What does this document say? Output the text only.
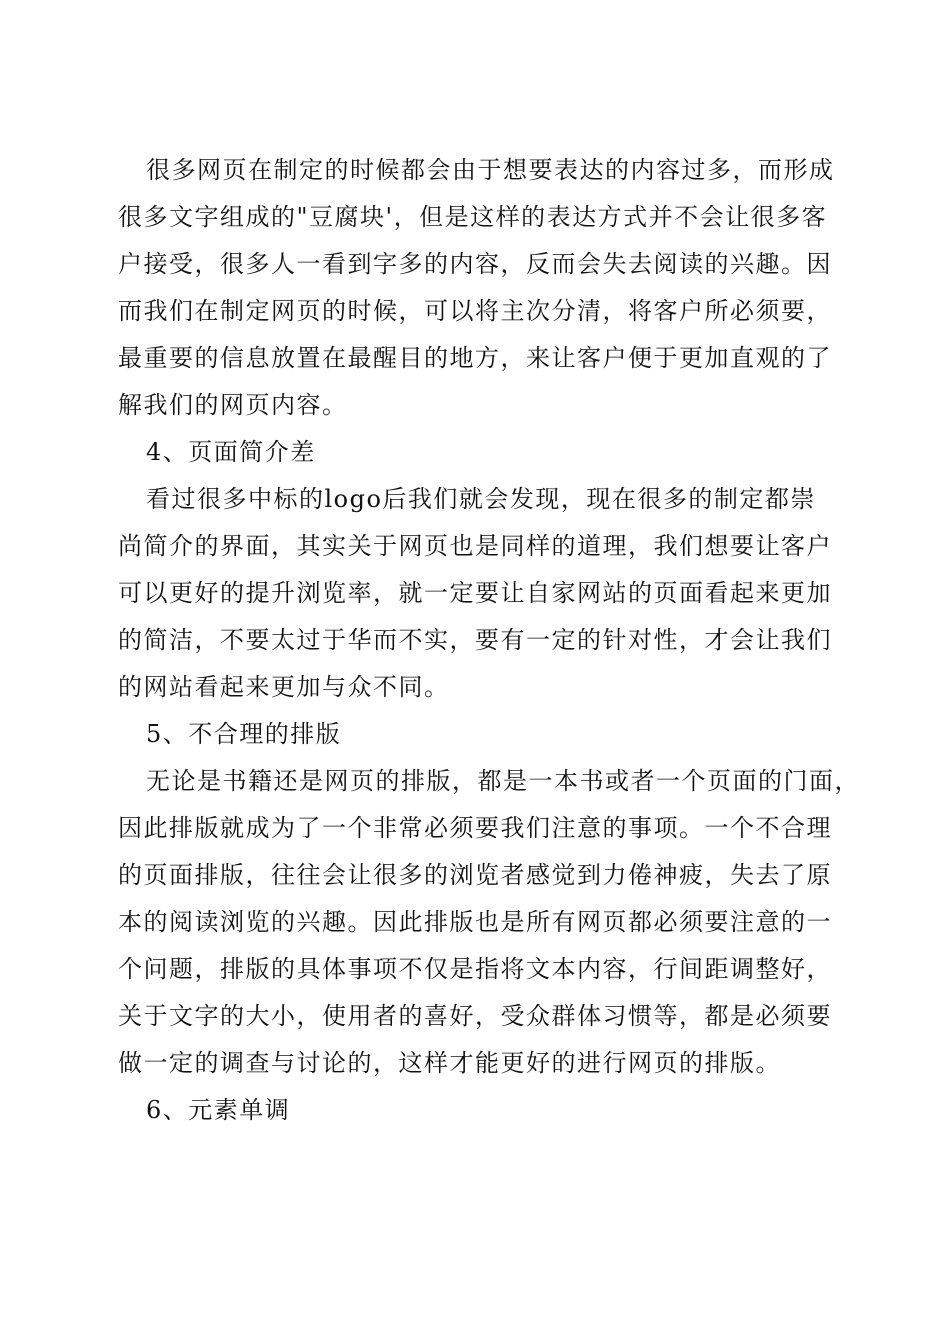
很多网页在制定的时候都会由于想要表达的内容过多，而形成
很多文字组成的"豆腐块'，但是这样的表达方式并不会让很多客
户接受，很多人一看到字多的内容，反而会失去阅读的兴趣。因
而我们在制定网页的时候，可以将主次分清，将客户所必须要，
最重要的信息放置在最醒目的地方，来让客户便于更加直观的了
解我们的网页内容。
4、页面简介差
看过很多中标的logo后我们就会发现，现在很多的制定都崇
尚简介的界面，其实关于网页也是同样的道理，我们想要让客户
可以更好的提升浏览率，就一定要让自家网站的页面看起来更加
的简洁，不要太过于华而不实，要有一定的针对性，才会让我们
的网站看起来更加与众不同。
5、不合理的排版
无论是书籍还是网页的排版，都是一本书或者一个页面的门面，
因此排版就成为了一个非常必须要我们注意的事项。一个不合理
的页面排版，往往会让很多的浏览者感觉到力倦神疲，失去了原
本的阅读浏览的兴趣。因此排版也是所有网页都必须要注意的一
个问题，排版的具体事项不仅是指将文本内容，行间距调整好，
关于文字的大小，使用者的喜好，受众群体习惯等，都是必须要
做一定的调查与讨论的，这样才能更好的进行网页的排版。
6、元素单调
